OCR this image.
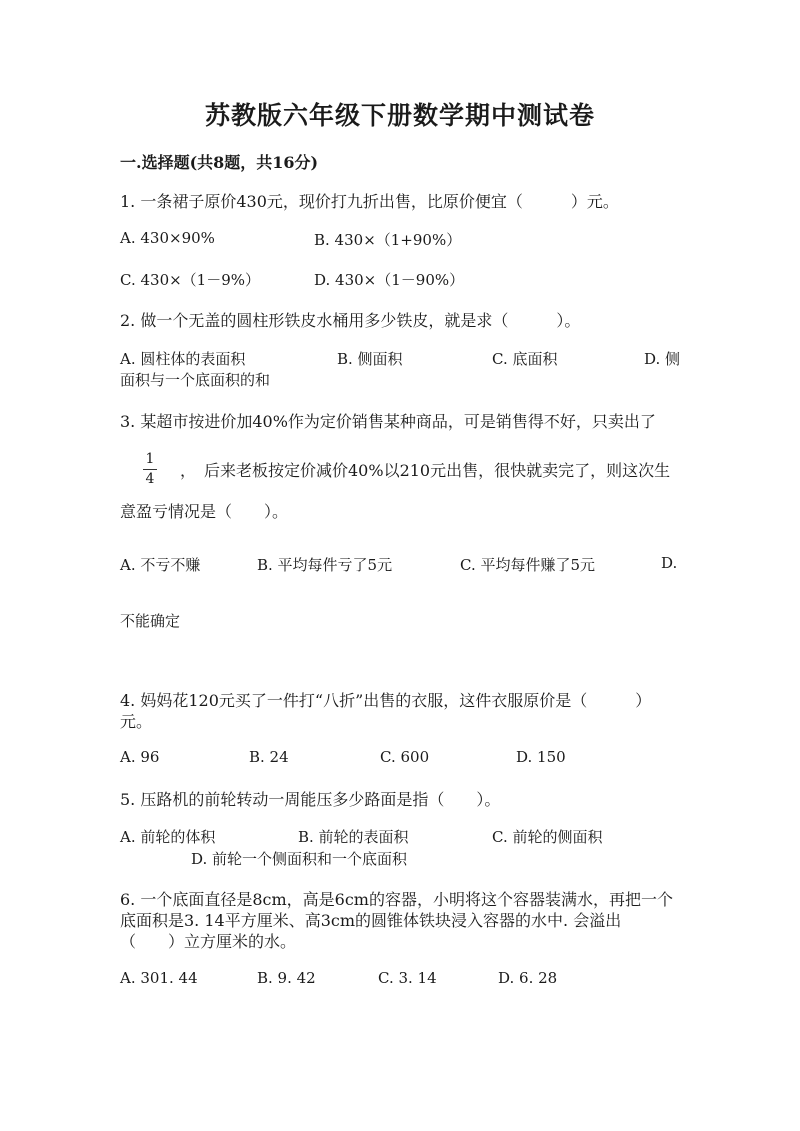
苏教版六年级下册数学期中测试卷
一.选择题(共8题，共16分)
1. 一条裙子原价430元，现价打九折出售，比原价便宜（　　　）元。
A. 430×90%	B. 430×（1+90%）
C. 430×（1－9%）	D. 430×（1－90%）
2. 做一个无盖的圆柱形铁皮水桶用多少铁皮，就是求（　　　）。
A. 圆柱体的表面积	B. 侧面积	C. 底面积	D. 侧
面积与一个底面积的和
3. 某超市按进价加40%作为定价销售某种商品，可是销售得不好，只卖出了
1
4 ，　后来老板按定价减价40%以210元出售，很快就卖完了，则这次生
意盈亏情况是（　　）。
A. 不亏不赚	B. 平均每件亏了5元	C. 平均每件赚了5元	D.
不能确定
4. 妈妈花120元买了一件打“八折”出售的衣服，这件衣服原价是（　　　）
元。
A. 96	B. 24	C. 600	D. 150
5. 压路机的前轮转动一周能压多少路面是指（　　）。
A. 前轮的体积	B. 前轮的表面积	C. 前轮的侧面积
D. 前轮一个侧面积和一个底面积
6. 一个底面直径是8cm，高是6cm的容器，小明将这个容器装满水，再把一个
底面积是3. 14平方厘米、高3cm的圆锥体铁块浸入容器的水中. 会溢出
（　　）立方厘米的水。
A. 301. 44	B. 9. 42	C. 3. 14	D. 6. 28
